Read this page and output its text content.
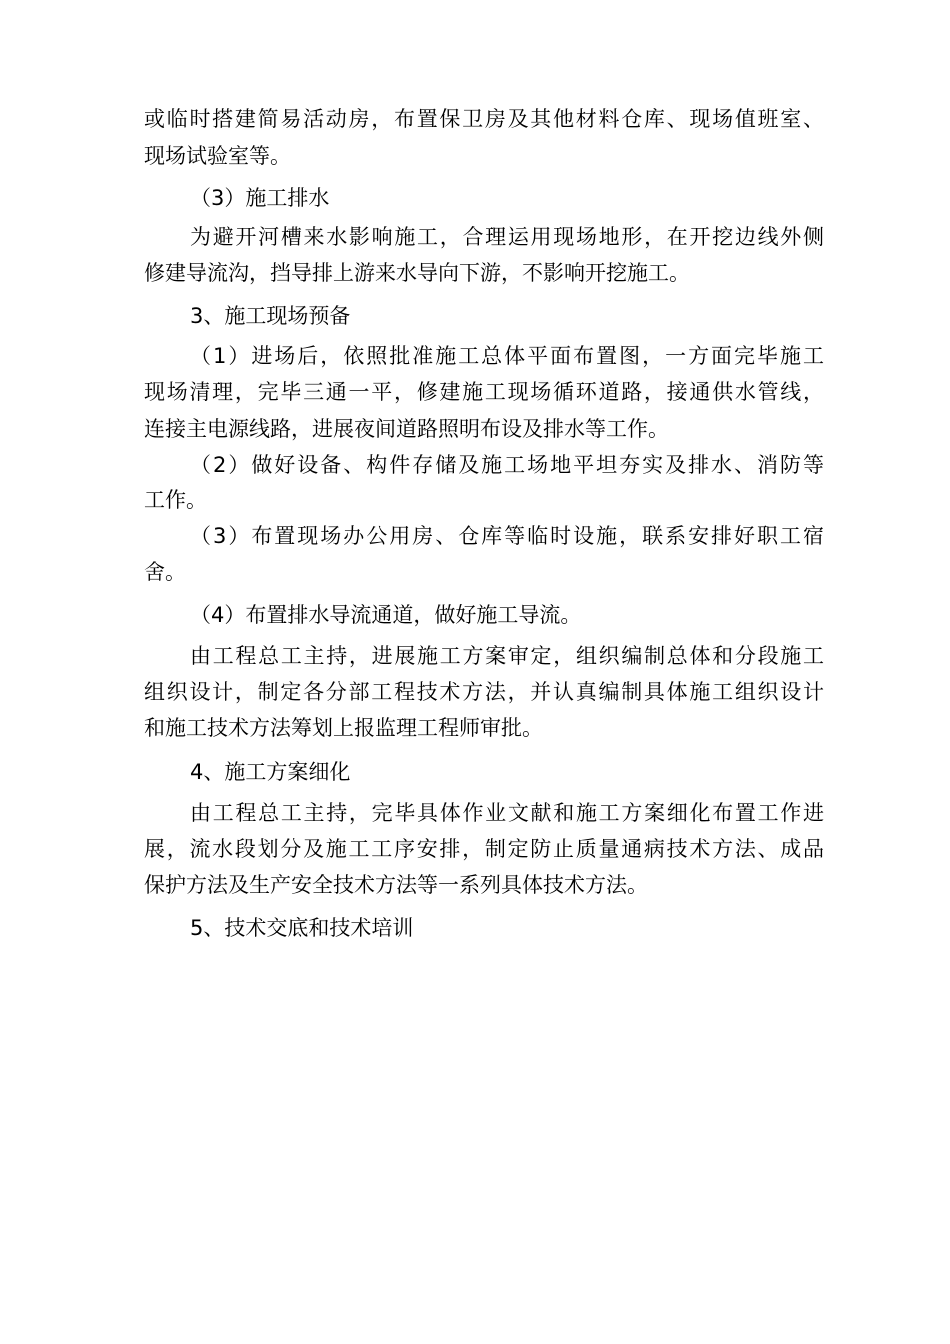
或临时搭建简易活动房，布置保卫房及其他材料仓库、现场值班室、
现场试验室等。
（3）施工排水
为避开河槽来水影响施工，合理运用现场地形，在开挖边线外侧
修建导流沟，挡导排上游来水导向下游，不影响开挖施工。
3、施工现场预备
（1）进场后，依照批准施工总体平面布置图，一方面完毕施工
现场清理，完毕三通一平，修建施工现场循环道路，接通供水管线，
连接主电源线路，进展夜间道路照明布设及排水等工作。
（2）做好设备、构件存储及施工场地平坦夯实及排水、消防等
工作。
（3）布置现场办公用房、仓库等临时设施，联系安排好职工宿
舍。
（4）布置排水导流通道，做好施工导流。
由工程总工主持，进展施工方案审定，组织编制总体和分段施工
组织设计，制定各分部工程技术方法，并认真编制具体施工组织设计
和施工技术方法筹划上报监理工程师审批。
4、施工方案细化
由工程总工主持，完毕具体作业文献和施工方案细化布置工作进
展，流水段划分及施工工序安排，制定防止质量通病技术方法、成品
保护方法及生产安全技术方法等一系列具体技术方法。
5、技术交底和技术培训
